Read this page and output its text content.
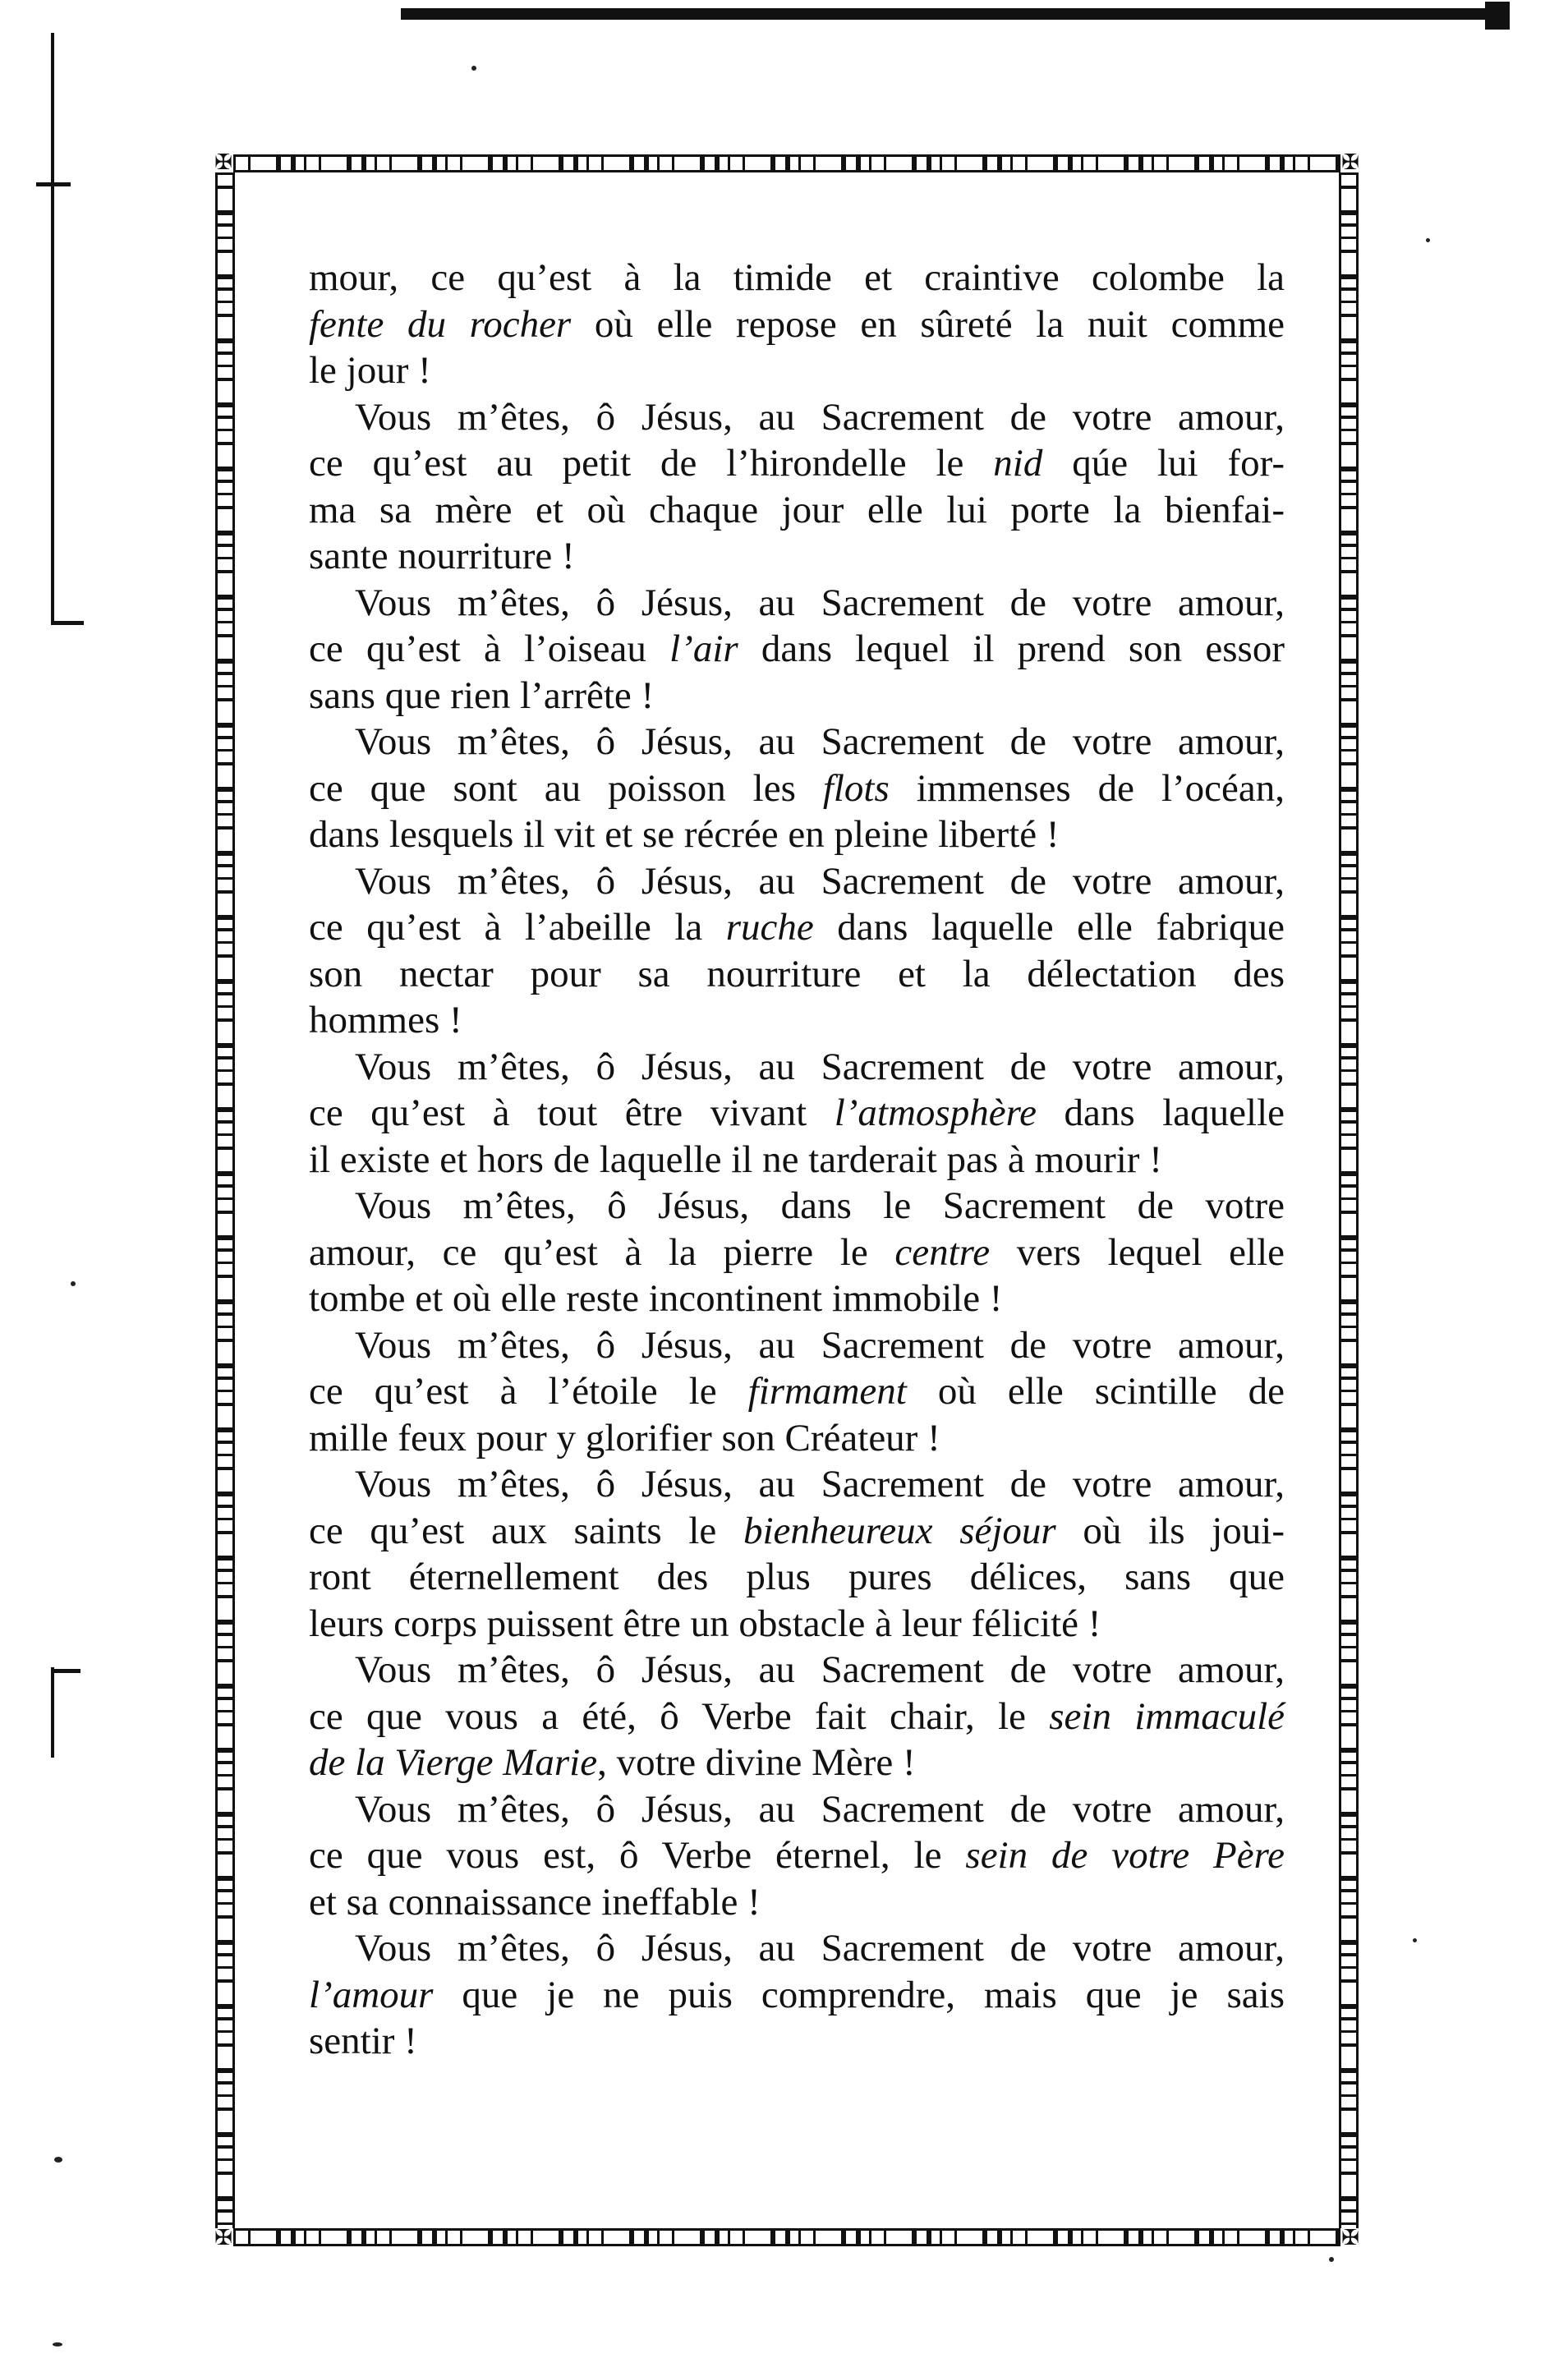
✠	✠
✠	✠
mour, ce qu’est à la timide et craintive colombe la
fente du rocher où elle repose en sûreté la nuit comme
le jour !
Vous m’êtes, ô Jésus, au Sacrement de votre amour,
ce qu’est au petit de l’hirondelle le nid qúe lui for-
ma sa mère et où chaque jour elle lui porte la bienfai-
sante nourriture !
Vous m’êtes, ô Jésus, au Sacrement de votre amour,
ce qu’est à l’oiseau l’air dans lequel il prend son essor
sans que rien l’arrête !
Vous m’êtes, ô Jésus, au Sacrement de votre amour,
ce que sont au poisson les flots immenses de l’océan,
dans lesquels il vit et se récrée en pleine liberté !
Vous m’êtes, ô Jésus, au Sacrement de votre amour,
ce qu’est à l’abeille la ruche dans laquelle elle fabrique
son nectar pour sa nourriture et la délectation des
hommes !
Vous m’êtes, ô Jésus, au Sacrement de votre amour,
ce qu’est à tout être vivant l’atmosphère dans laquelle
il existe et hors de laquelle il ne tarderait pas à mourir !
Vous m’êtes, ô Jésus, dans le Sacrement de votre
amour, ce qu’est à la pierre le centre vers lequel elle
tombe et où elle reste incontinent immobile !
Vous m’êtes, ô Jésus, au Sacrement de votre amour,
ce qu’est à l’étoile le firmament où elle scintille de
mille feux pour y glorifier son Créateur !
Vous m’êtes, ô Jésus, au Sacrement de votre amour,
ce qu’est aux saints le bienheureux séjour où ils joui-
ront éternellement des plus pures délices, sans que
leurs corps puissent être un obstacle à leur félicité !
Vous m’êtes, ô Jésus, au Sacrement de votre amour,
ce que vous a été, ô Verbe fait chair, le sein immaculé
de la Vierge Marie, votre divine Mère !
Vous m’êtes, ô Jésus, au Sacrement de votre amour,
ce que vous est, ô Verbe éternel, le sein de votre Père
et sa connaissance ineffable !
Vous m’êtes, ô Jésus, au Sacrement de votre amour,
l’amour que je ne puis comprendre, mais que je sais
sentir !
